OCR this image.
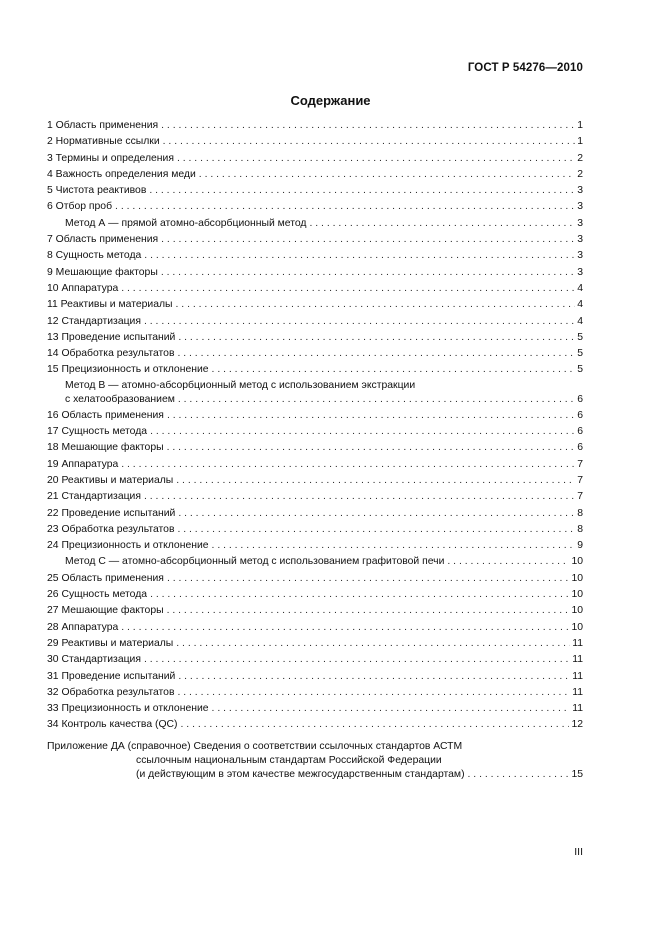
ГОСТ Р 54276—2010
Содержание
1 Область применения . . .	1
2 Нормативные ссылки . . .	1
3 Термины и определения . . .	2
4 Важность определения меди . . .	2
5 Чистота реактивов . . .	3
6 Отбор проб . . .	3
Метод А — прямой атомно-абсорбционный метод . . .	3
7 Область применения . . .	3
8 Сущность метода . . .	3
9 Мешающие факторы . . .	3
10 Аппаратура . . .	4
11 Реактивы и материалы . . .	4
12 Стандартизация . . .	4
13 Проведение испытаний . . .	5
14 Обработка результатов . . .	5
15 Прецизионность и отклонение . . .	5
Метод В — атомно-абсорбционный метод с использованием экстракции
с хелатообразованием . . .	6
16 Область применения . . .	6
17 Сущность метода . . .	6
18 Мешающие факторы . . .	6
19 Аппаратура . . .	7
20 Реактивы и материалы . . .	7
21 Стандартизация . . .	7
22 Проведение испытаний . . .	8
23 Обработка результатов . . .	8
24 Прецизионность и отклонение . . .	9
Метод С — атомно-абсорбционный метод с использованием графитовой печи . . .	10
25 Область применения . . .	10
26 Сущность метода . . .	10
27 Мешающие факторы . . .	10
28 Аппаратура . . .	10
29 Реактивы и материалы . . .	11
30 Стандартизация . . .	11
31 Проведение испытаний . . .	11
32 Обработка результатов . . .	11
33 Прецизионность и отклонение . . .	11
34 Контроль качества (QC) . . .	12
Приложение ДА (справочное) Сведения о соответствии ссылочных стандартов АСТМ
ссылочным национальным стандартам Российской Федерации
(и действующим в этом качестве межгосударственным стандартам) . . .	15
III
